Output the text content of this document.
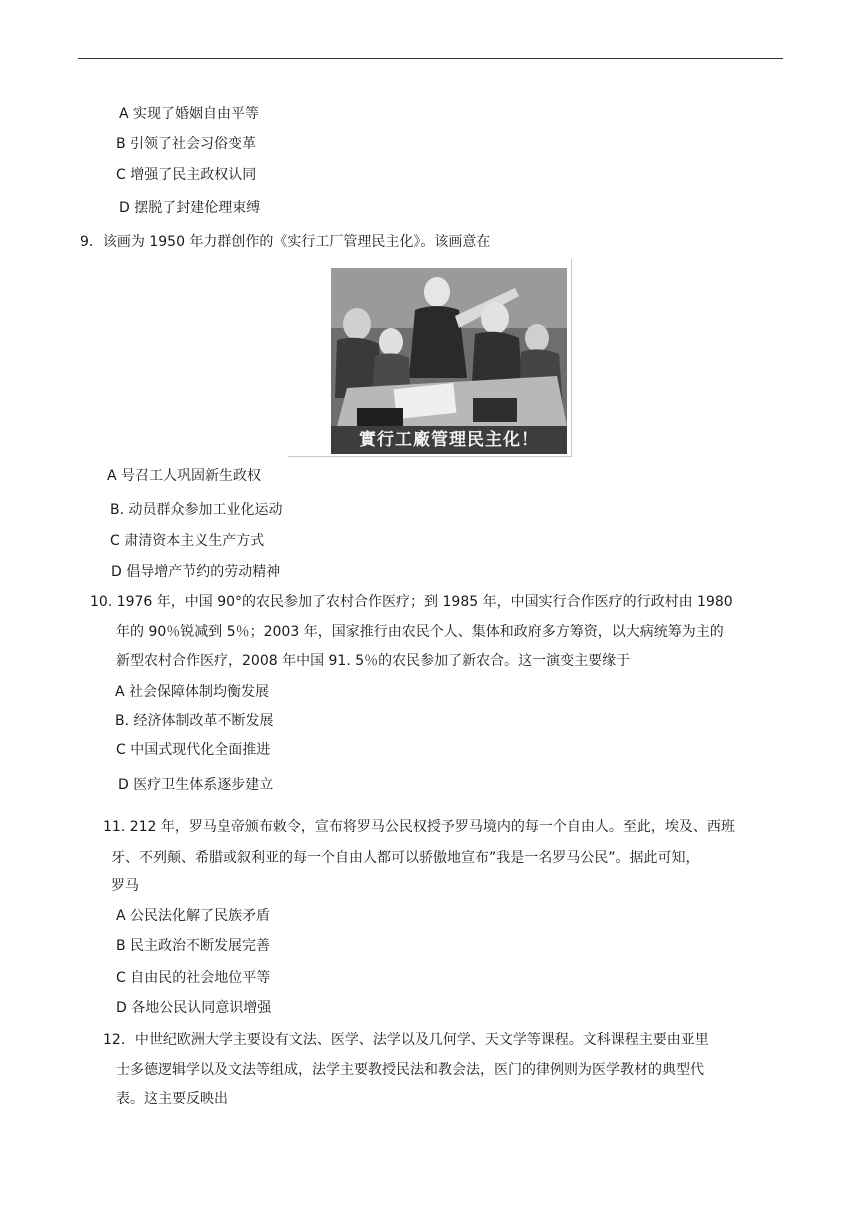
A 实现了婚姻自由平等
B 引领了社会习俗变革
C 增强了民主政权认同
D 摆脱了封建伦理束缚
9．该画为 1950 年力群创作的《实行工厂管理民主化》。该画意在
實行工廠管理民主化！
A 号召工人巩固新生政权
B. 动员群众参加工业化运动
C 肃清资本主义生产方式
D 倡导增产节约的劳动精神
10. 1976 年，中国 90°的农民参加了农村合作医疗；到 1985 年，中国实行合作医疗的行政村由 1980
年的 90％锐减到 5％；2003 年，国家推行由农民个人、集体和政府多方筹资，以大病统筹为主的
新型农村合作医疗，2008 年中国 91. 5％的农民参加了新农合。这一演变主要缘于
A 社会保障体制均衡发展
B. 经济体制改革不断发展
C 中国式现代化全面推进
D 医疗卫生体系逐步建立
11. 212 年，罗马皇帝颁布敕令，宣布将罗马公民权授予罗马境内的每一个自由人。至此，埃及、西班
牙、不列颠、希腊或叙利亚的每一个自由人都可以骄傲地宣布”我是一名罗马公民”。据此可知，
罗马
A 公民法化解了民族矛盾
B 民主政治不断发展完善
C 自由民的社会地位平等
D 各地公民认同意识增强
12．中世纪欧洲大学主要设有文法、医学、法学以及几何学、天文学等课程。文科课程主要由亚里
士多德逻辑学以及文法等组成，法学主要教授民法和教会法，医门的律例则为医学教材的典型代
表。这主要反映出
